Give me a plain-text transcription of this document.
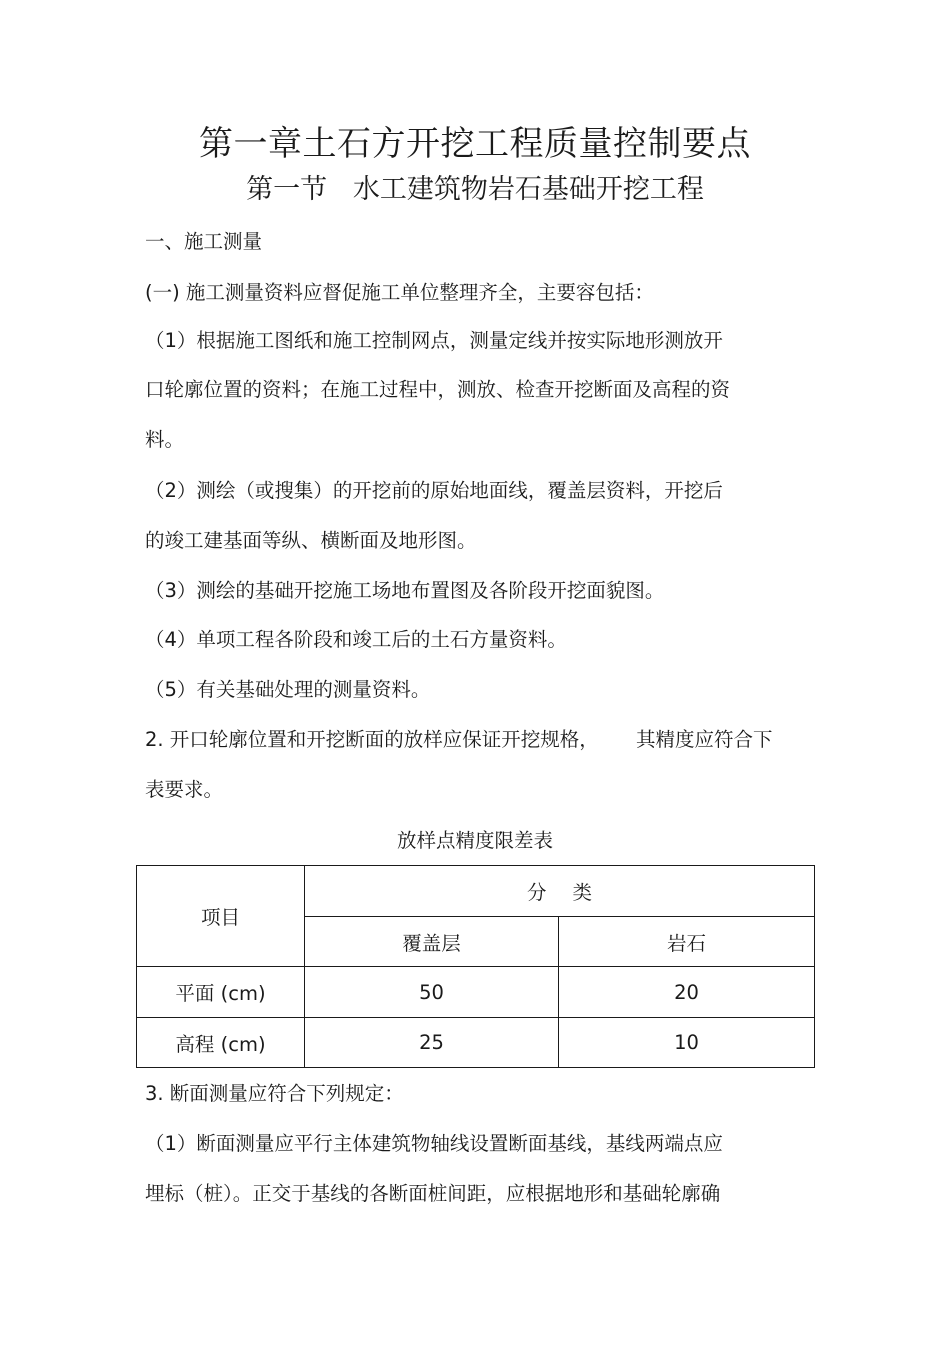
第一章土石方开挖工程质量控制要点
第一节   水工建筑物岩石基础开挖工程
一、施工测量
(一) 施工测量资料应督促施工单位整理齐全，主要容包括：
（1）根据施工图纸和施工控制网点，测量定线并按实际地形测放开
口轮廓位置的资料；在施工过程中，测放、检查开挖断面及高程的资
料。
（2）测绘（或搜集）的开挖前的原始地面线，覆盖层资料，开挖后
的竣工建基面等纵、横断面及地形图。
（3）测绘的基础开挖施工场地布置图及各阶段开挖面貌图。
（4）单项工程各阶段和竣工后的土石方量资料。
（5）有关基础处理的测量资料。
2. 开口轮廓位置和开挖断面的放样应保证开挖规格，      其精度应符合下
表要求。
放样点精度限差表
项目	分类	
	覆盖层	岩石
平面 (cm)	50	20
高程 (cm)	25	10
3. 断面测量应符合下列规定：
（1）断面测量应平行主体建筑物轴线设置断面基线，基线两端点应
埋标（桩）。正交于基线的各断面桩间距，应根据地形和基础轮廓确
